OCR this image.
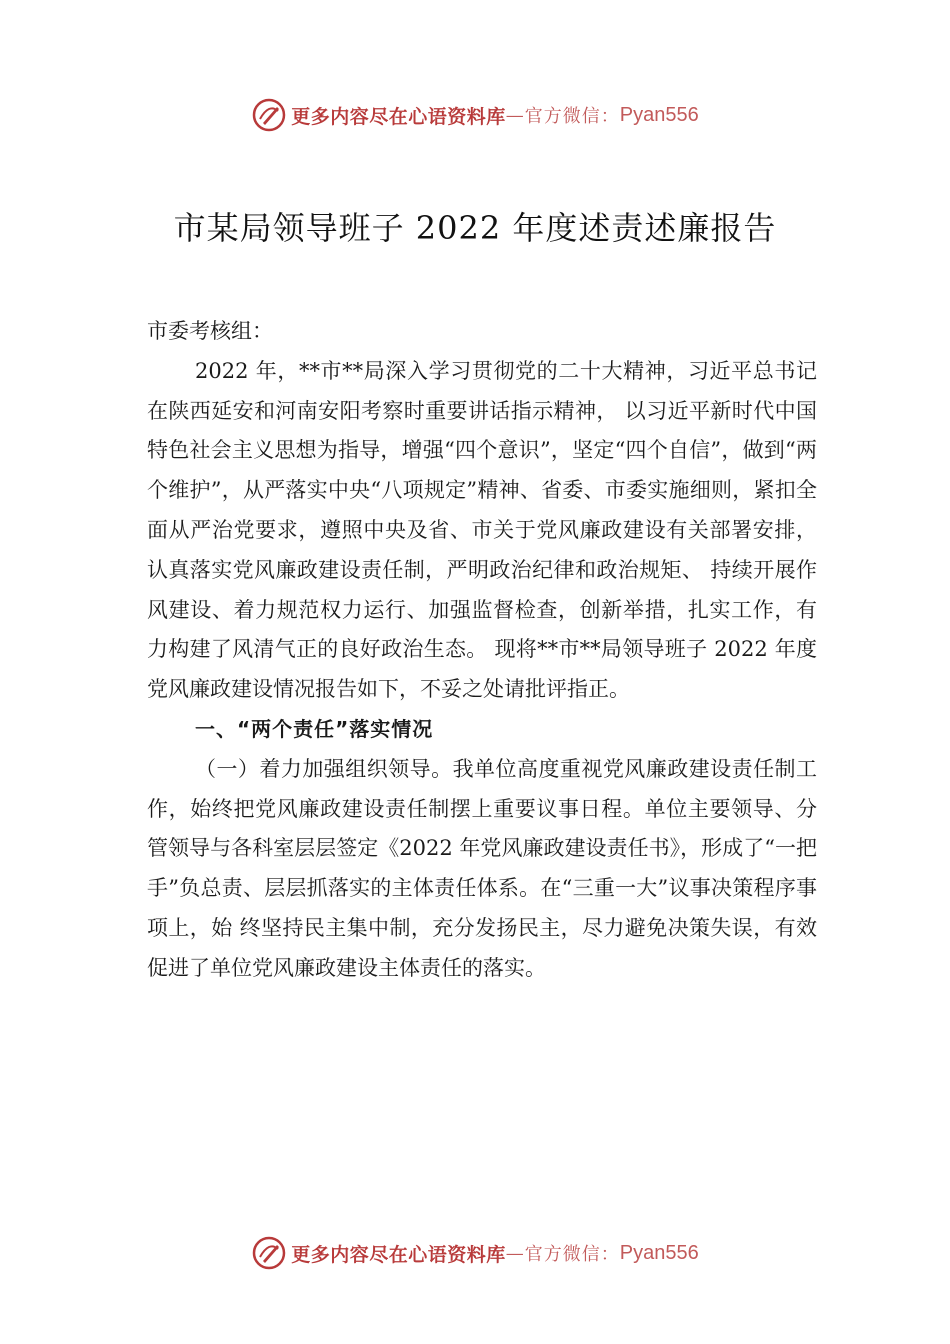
更多内容尽在心语资料库 — 官方微信： Pyan556
市某局领导班子 2022 年度述责述廉报告

市委考核组：

2022 年，**市**局深入学习贯彻党的二十大精神，习近平总书记在陕西延安和河南安阳考察时重要讲话指示精神， 以习近平新时代中国特色社会主义思想为指导，增强“四个意识”，坚定“四个自信”，做到“两个维护”，从严落实中央“八项规定”精神、省委、市委实施细则，紧扣全面从严治党要求，遵照中央及省、市关于党风廉政建设有关部署安排， 认真落实党风廉政建设责任制，严明政治纪律和政治规矩、 持续开展作风建设、着力规范权力运行、加强监督检查，创新举措，扎实工作，有力构建了风清气正的良好政治生态。 现将**市**局领导班子 2022 年度党风廉政建设情况报告如下，不妥之处请批评指正。

一、“两个责任”落实情况

（一）着力加强组织领导。我单位高度重视党风廉政建设责任制工作，始终把党风廉政建设责任制摆上重要议事日程。单位主要领导、分管领导与各科室层层签定《2022 年党风廉政建设责任书》，形成了“一把手”负总责、层层抓落实的主体责任体系。在“三重一大”议事决策程序事项上，始 终坚持民主集中制，充分发扬民主，尽力避免决策失误，有效促进了单位党风廉政建设主体责任的落实。

更多内容尽在心语资料库 — 官方微信： Pyan556
